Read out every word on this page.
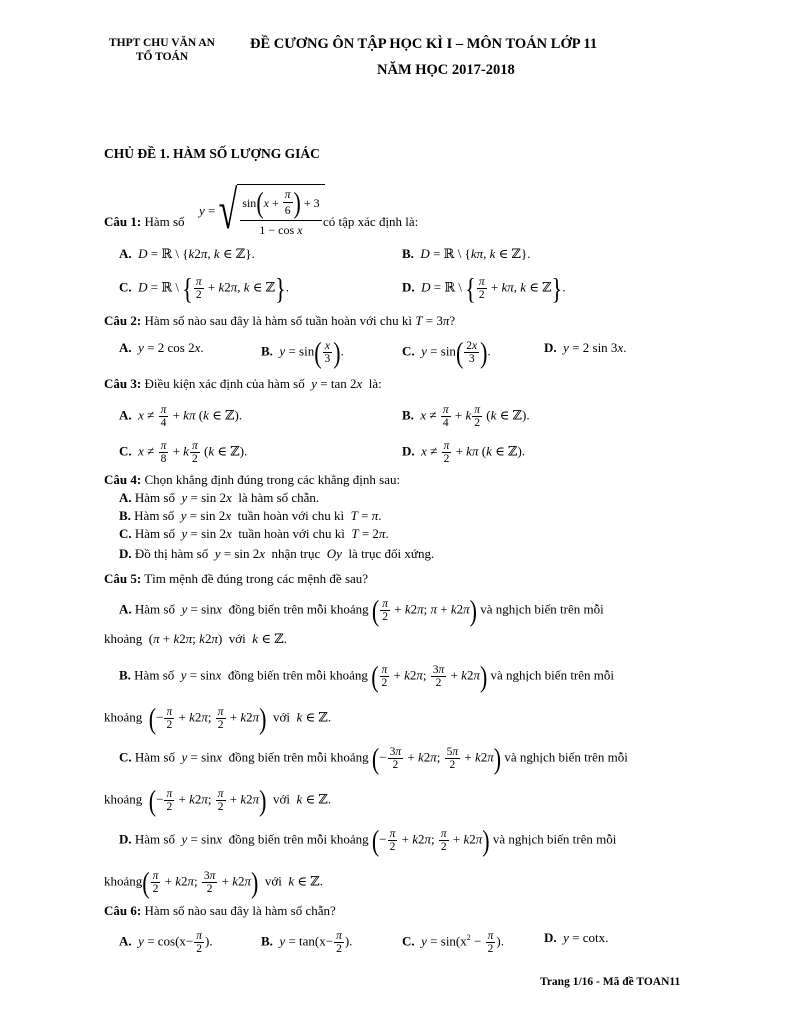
THPT CHU VĂN AN
TỔ TOÁN
ĐỀ CƯƠNG ÔN TẬP HỌC KÌ I – MÔN TOÁN LỚP 11
NĂM HỌC 2017-2018
CHỦ ĐỀ 1. HÀM SỐ LƯỢNG GIÁC
Câu 1: Hàm số
y = √ sin ( $x + \frac{\pi}{6}$ ) + 3
1 − cos x
có tập xác định là:
A.  D = ℝ \ {k2π, k ∈ ℤ}.	B.  D = ℝ \ {kπ, k ∈ ℤ}.
C.  D = ℝ \ { $\frac{\pi}{2} + k2\pi$, k ∈ ℤ}.	D.  D = ℝ \ { $\frac{\pi}{2} + k\pi$, k ∈ ℤ}.
Câu 2: Hàm số nào sau đây là hàm số tuần hoàn với chu kì T = 3π?
A.  y = 2 cos 2x.	B.  $y = \sin( \frac{x}{3}$ ).	C.  $y = \sin( \frac{2x}{3}$ ).	D.  y = 2 sin 3x.
Câu 3: Điều kiện xác định của hàm số y = tan 2x là:
A.  $x \ne \frac{\pi}{4} + k\pi$ (k ∈ ℤ).	B.  $x \ne \frac{\pi}{4} + k \frac{\pi}{2} (k$ ∈ ℤ).
C.  $x \ne \frac{\pi}{8} + k \frac{\pi}{2} (k$ ∈ ℤ).	D.  $x \ne \frac{\pi}{2} + k\pi$ (k ∈ ℤ).
Câu 4: Chọn khẳng định đúng trong các khẳng định sau:
A. Hàm số y = sin 2x là hàm số chẵn.
B. Hàm số y = sin 2x tuần hoàn với chu kì T = π.
C. Hàm số y = sin 2x tuần hoàn với chu kì T = 2π.
D. Đồ thị hàm số y = sin 2x nhận trục Oy là trục đối xứng.
Câu 5: Tìm mệnh đề đúng trong các mệnh đề sau?
A. Hàm số y = sinx đồng biến trên mỗi khoảng ( $\frac{\pi}{2} + k2\pi$; π + k2π) và nghịch biến trên mỗi
khoảng  (π + k2π; k2π)  với k ∈ ℤ.
B. Hàm số y = sinx đồng biến trên mỗi khoảng ( $\frac{\pi}{2} + k2\pi$; $\frac{3\pi}{2} + k2\pi$) và nghịch biến trên mỗi
khoảng (− $\frac{\pi}{2} + k2\pi$; $\frac{\pi}{2} + k2\pi$) với k ∈ ℤ.
C. Hàm số y = sinx đồng biến trên mỗi khoảng (− $\frac{3\pi}{2} + k2\pi$; $\frac{5\pi}{2} + k2\pi$) và nghịch biến trên mỗi
khoảng (− $\frac{\pi}{2} + k2\pi$; $\frac{\pi}{2} + k2\pi$) với k ∈ ℤ.
D. Hàm số y = sinx đồng biến trên mỗi khoảng (− $\frac{\pi}{2} + k2\pi$; $\frac{\pi}{2} + k2\pi$) và nghịch biến trên mỗi
khoảng( $\frac{\pi}{2} + k2\pi$; $\frac{3\pi}{2} + k2\pi$) với k ∈ ℤ.
Câu 6: Hàm số nào sau đây là hàm số chẵn?
A.  $y = \cos(x- \frac{\pi}{2}$ ).	B.  $y = \tan(x- \frac{\pi}{2}$ ).	C.  $y = \sin(x^2 - \frac{\pi}{2}$ ).	D.  y = cotx.
Trang 1/16 - Mã đề TOAN11
